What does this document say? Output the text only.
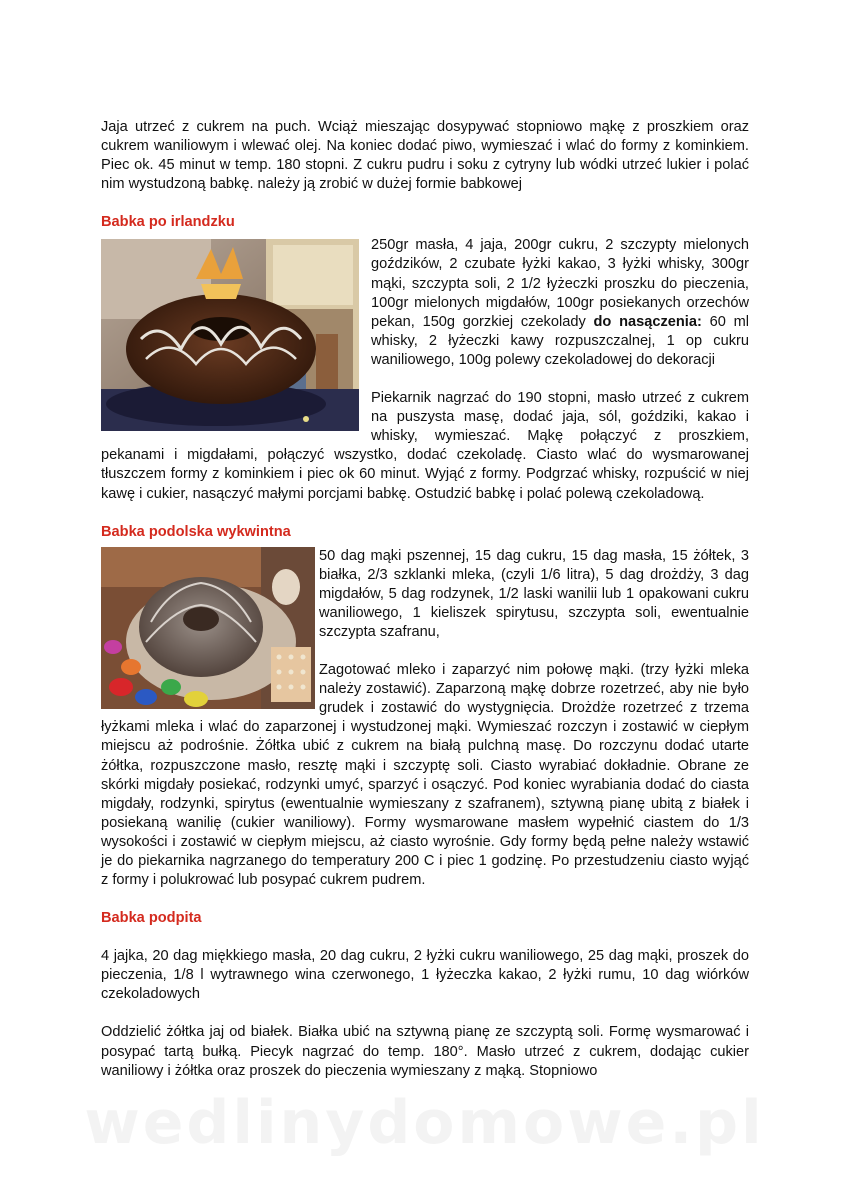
wedlinydomowe.pl

Jaja utrzeć z cukrem na puch. Wciąż mieszając dosypywać stopniowo mąkę z proszkiem oraz cukrem waniliowym i wlewać olej. Na koniec dodać piwo, wymieszać i wlać do formy z kominkiem. Piec ok. 45 minut w temp. 180 stopni. Z cukru pudru i soku z cytryny lub wódki utrzeć lukier i polać nim wystudzoną babkę. należy ją zrobić w dużej formie babkowej

Babka po irlandzku

250gr masła, 4 jaja, 200gr cukru, 2 szczypty mielonych goździków, 2 czubate łyżki kakao, 3 łyżki whisky, 300gr mąki, szczypta soli, 2 1/2 łyżeczki proszku do pieczenia, 100gr mielonych migdałów, 100gr posiekanych orzechów pekan, 150g gorzkiej czekolady do nasączenia: 60 ml whisky, 2 łyżeczki kawy rozpuszczalnej, 1 op cukru waniliowego, 100g polewy czekoladowej do dekoracji

Piekarnik nagrzać do 190 stopni, masło utrzeć z cukrem na puszysta masę, dodać jaja, sól, goździki, kakao i whisky, wymieszać. Mąkę połączyć z proszkiem, pekanami i migdałami, połączyć wszystko, dodać czekoladę. Ciasto wlać do wysmarowanej tłuszczem formy z kominkiem i piec ok 60 minut. Wyjąć z formy. Podgrzać whisky, rozpuścić w niej kawę i cukier, nasączyć małymi porcjami babkę. Ostudzić babkę i polać polewą czekoladową.

Babka podolska wykwintna

50 dag mąki pszennej, 15 dag cukru, 15 dag masła, 15 żółtek, 3 białka, 2/3 szklanki mleka, (czyli 1/6 litra), 5 dag drożdży, 3 dag migdałów, 5 dag rodzynek, 1/2 laski wanilii lub 1 opakowani cukru waniliowego, 1 kieliszek spirytusu, szczypta soli, ewentualnie szczypta szafranu,

Zagotować mleko i zaparzyć nim połowę mąki. (trzy łyżki mleka należy zostawić). Zaparzoną mąkę dobrze rozetrzeć, aby nie było grudek i zostawić do wystygnięcia. Drożdże rozetrzeć z trzema łyżkami mleka i wlać do zaparzonej i wystudzonej mąki. Wymieszać rozczyn i zostawić w ciepłym miejscu aż podrośnie. Żółtka ubić z cukrem na białą pulchną masę. Do rozczynu dodać utarte żółtka, rozpuszczone masło, resztę mąki i szczyptę soli. Ciasto wyrabiać dokładnie. Obrane ze skórki migdały posiekać, rodzynki umyć, sparzyć i osączyć. Pod koniec wyrabiania dodać do ciasta migdały, rodzynki, spirytus (ewentualnie wymieszany z szafranem), sztywną pianę ubitą z białek i posiekaną wanilię (cukier waniliowy). Formy wysmarowane masłem wypełnić ciastem do 1/3 wysokości i zostawić w ciepłym miejscu, aż ciasto wyrośnie. Gdy formy będą pełne należy wstawić je do piekarnika nagrzanego do temperatury 200 C i piec 1 godzinę. Po przestudzeniu ciasto wyjąć z formy i polukrować lub posypać cukrem pudrem.

Babka podpita

4 jajka, 20 dag miękkiego masła, 20 dag cukru, 2 łyżki cukru waniliowego, 25 dag mąki, proszek do pieczenia, 1/8 l wytrawnego wina czerwonego, 1 łyżeczka kakao, 2 łyżki rumu, 10 dag wiórków czekoladowych

Oddzielić żółtka jaj od białek. Białka ubić na sztywną pianę ze szczyptą soli. Formę wysmarować i posypać tartą bułką. Piecyk nagrzać do temp. 180°. Masło utrzeć z cukrem, dodając cukier waniliowy i żółtka oraz proszek do pieczenia wymieszany z mąką. Stopniowo
